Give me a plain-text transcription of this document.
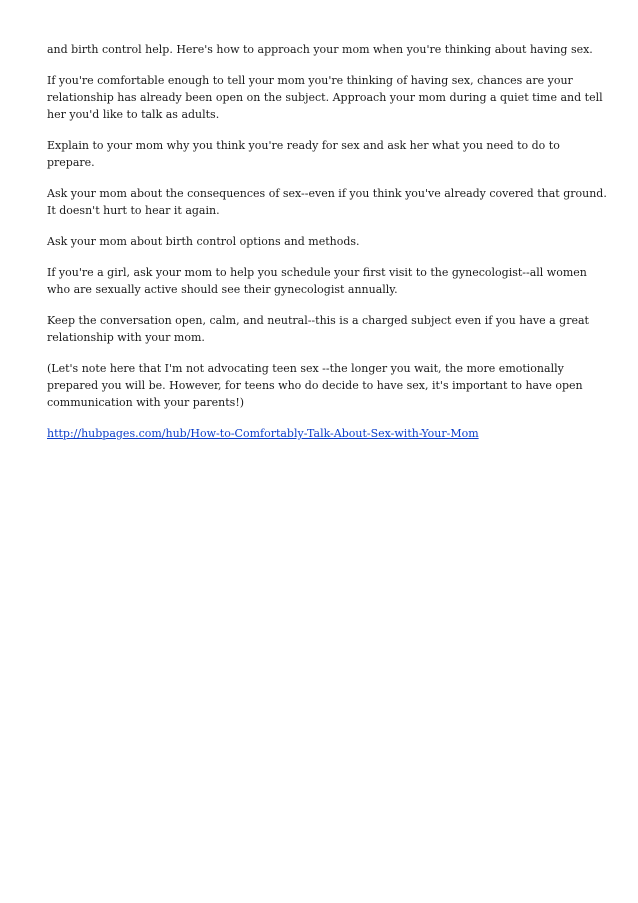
and birth control help. Here's how to approach your mom when you're thinking about having sex.

If you're comfortable enough to tell your mom you're thinking of having sex, chances are your relationship has already been open on the subject. Approach your mom during a quiet time and tell her you'd like to talk as adults.

Explain to your mom why you think you're ready for sex and ask her what you need to do to prepare.

Ask your mom about the consequences of sex--even if you think you've already covered that ground. It doesn't hurt to hear it again.

Ask your mom about birth control options and methods.

If you're a girl, ask your mom to help you schedule your first visit to the gynecologist--all women who are sexually active should see their gynecologist annually.

Keep the conversation open, calm, and neutral--this is a charged subject even if you have a great relationship with your mom.

(Let's note here that I'm not advocating teen sex --the longer you wait, the more emotionally prepared you will be. However, for teens who do decide to have sex, it's important to have open communication with your parents!)

http://hubpages.com/hub/How-to-Comfortably-Talk-About-Sex-with-Your-Mom
